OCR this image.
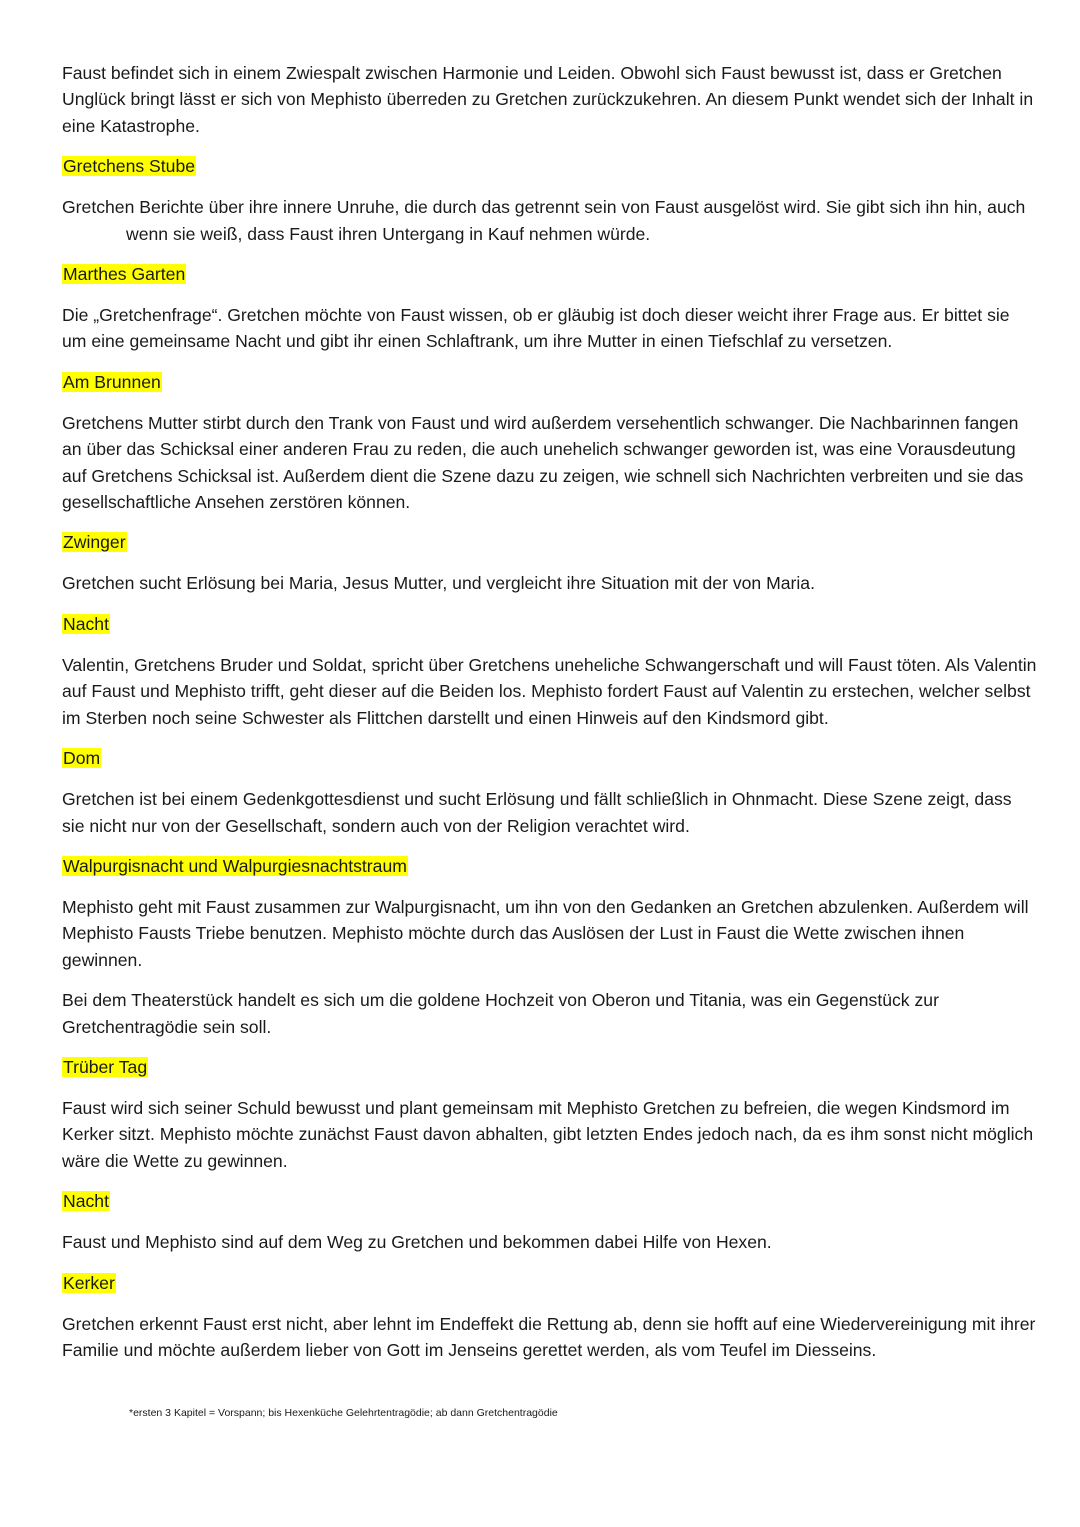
Faust befindet sich in einem Zwiespalt zwischen Harmonie und Leiden. Obwohl sich Faust bewusst ist, dass er Gretchen Unglück bringt lässt er sich von Mephisto überreden zu Gretchen zurückzukehren. An diesem Punkt wendet sich der Inhalt in eine Katastrophe.

Gretchens Stube

Gretchen Berichte über ihre innere Unruhe, die durch das getrennt sein von Faust ausgelöst wird. Sie gibt sich ihn hin, auch wenn sie weiß, dass Faust ihren Untergang in Kauf nehmen würde.

Marthes Garten

Die „Gretchenfrage“. Gretchen möchte von Faust wissen, ob er gläubig ist doch dieser weicht ihrer Frage aus. Er bittet sie um eine gemeinsame Nacht und gibt ihr einen Schlaftrank, um ihre Mutter in einen Tiefschlaf zu versetzen.

Am Brunnen

Gretchens Mutter stirbt durch den Trank von Faust und wird außerdem versehentlich schwanger. Die Nachbarinnen fangen an über das Schicksal einer anderen Frau zu reden, die auch unehelich schwanger geworden ist, was eine Vorausdeutung auf Gretchens Schicksal ist. Außerdem dient die Szene dazu zu zeigen, wie schnell sich Nachrichten verbreiten und sie das gesellschaftliche Ansehen zerstören können.

Zwinger

Gretchen sucht Erlösung bei Maria, Jesus Mutter, und vergleicht ihre Situation mit der von Maria.

Nacht

Valentin, Gretchens Bruder und Soldat, spricht über Gretchens uneheliche Schwangerschaft und will Faust töten. Als Valentin auf Faust und Mephisto trifft, geht dieser auf die Beiden los. Mephisto fordert Faust auf Valentin zu erstechen, welcher selbst im Sterben noch seine Schwester als Flittchen darstellt und einen Hinweis auf den Kindsmord gibt.

Dom

Gretchen ist bei einem Gedenkgottesdienst und sucht Erlösung und fällt schließlich in Ohnmacht. Diese Szene zeigt, dass sie nicht nur von der Gesellschaft, sondern auch von der Religion verachtet wird.

Walpurgisnacht und Walpurgiesnachtstraum

Mephisto geht mit Faust zusammen zur Walpurgisnacht, um ihn von den Gedanken an Gretchen abzulenken. Außerdem will Mephisto Fausts Triebe benutzen. Mephisto möchte durch das Auslösen der Lust in Faust die Wette zwischen ihnen gewinnen.

Bei dem Theaterstück handelt es sich um die goldene Hochzeit von Oberon und Titania, was ein Gegenstück zur Gretchentragödie sein soll.

Trüber Tag

Faust wird sich seiner Schuld bewusst und plant gemeinsam mit Mephisto Gretchen zu befreien, die wegen Kindsmord im Kerker sitzt. Mephisto möchte zunächst Faust davon abhalten, gibt letzten Endes jedoch nach, da es ihm sonst nicht möglich wäre die Wette zu gewinnen.

Nacht

Faust und Mephisto sind auf dem Weg zu Gretchen und bekommen dabei Hilfe von Hexen.

Kerker

Gretchen erkennt Faust erst nicht, aber lehnt im Endeffekt die Rettung ab, denn sie hofft auf eine Wiedervereinigung mit ihrer Familie und möchte außerdem lieber von Gott im Jenseins gerettet werden, als vom Teufel im Diesseins.

*ersten 3 Kapitel = Vorspann; bis Hexenküche Gelehrtentragödie; ab dann Gretchentragödie
